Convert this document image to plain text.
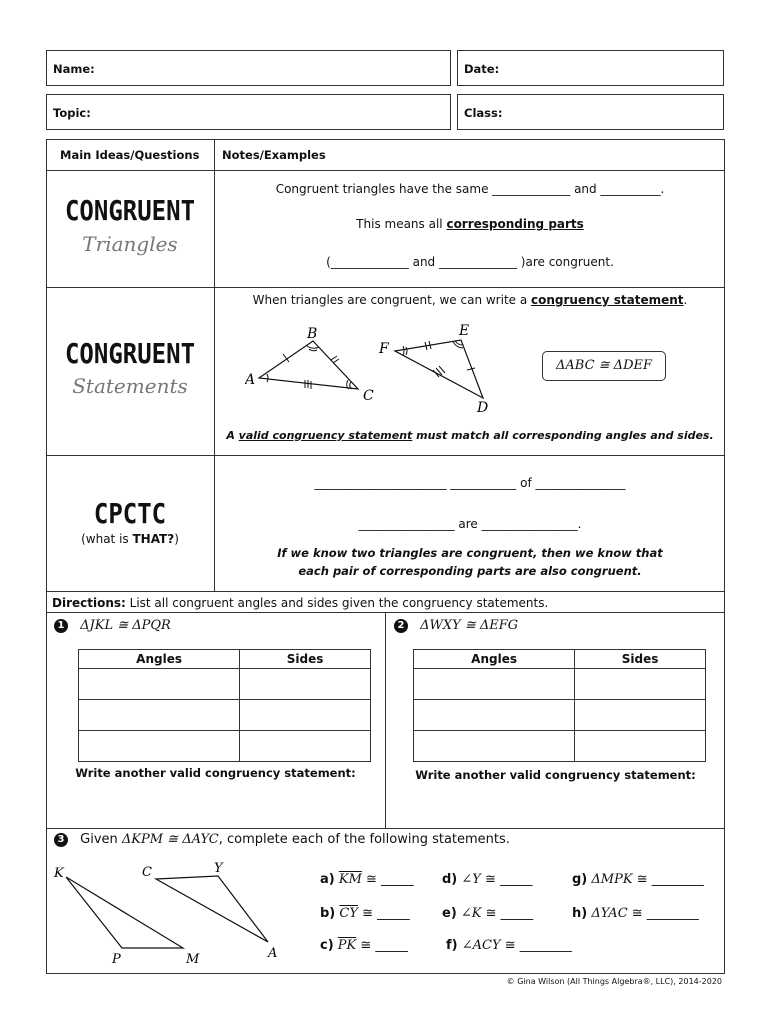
Name:	Date:
Topic:	Class:
Main Ideas/Questions Notes/Examples
CONGRUENT
Triangles
Congruent triangles have the same _____________ and __________.
This means all corresponding parts
(_____________ and _____________ )are congruent.
CONGRUENT
Statements
When triangles are congruent, we can write a congruency statement.
A
B
C
D
E
F
ΔABC ≅ ΔDEF
A valid congruency statement must match all corresponding angles and sides.
CPCTC
(what is THAT?)
______________________ ___________ of _______________
________________ are ________________.
If we know two triangles are congruent, then we know that
each pair of corresponding parts are also congruent.
Directions: List all congruent angles and sides given the congruency statements.
1 ΔJKL ≅ ΔPQR
Angles	Sides

Write another valid congruency statement:
2 ΔWXY ≅ ΔEFG
Angles	Sides

Write another valid congruency statement:
3 Given ΔKPM ≅ ΔAYC, complete each of the following statements.
K	C	Y
P	M	A
a) $\overline{KM}$ ≅ _____
b) $\overline{CY}$ ≅ _____
c) $\overline{PK}$ ≅ _____
d) ∠Y ≅ _____
e) ∠K ≅ _____
f) ∠ACY ≅ ________
g) ΔMPK ≅ ________
h) ΔYAC ≅ ________
© Gina Wilson (All Things Algebra®, LLC), 2014-2020
